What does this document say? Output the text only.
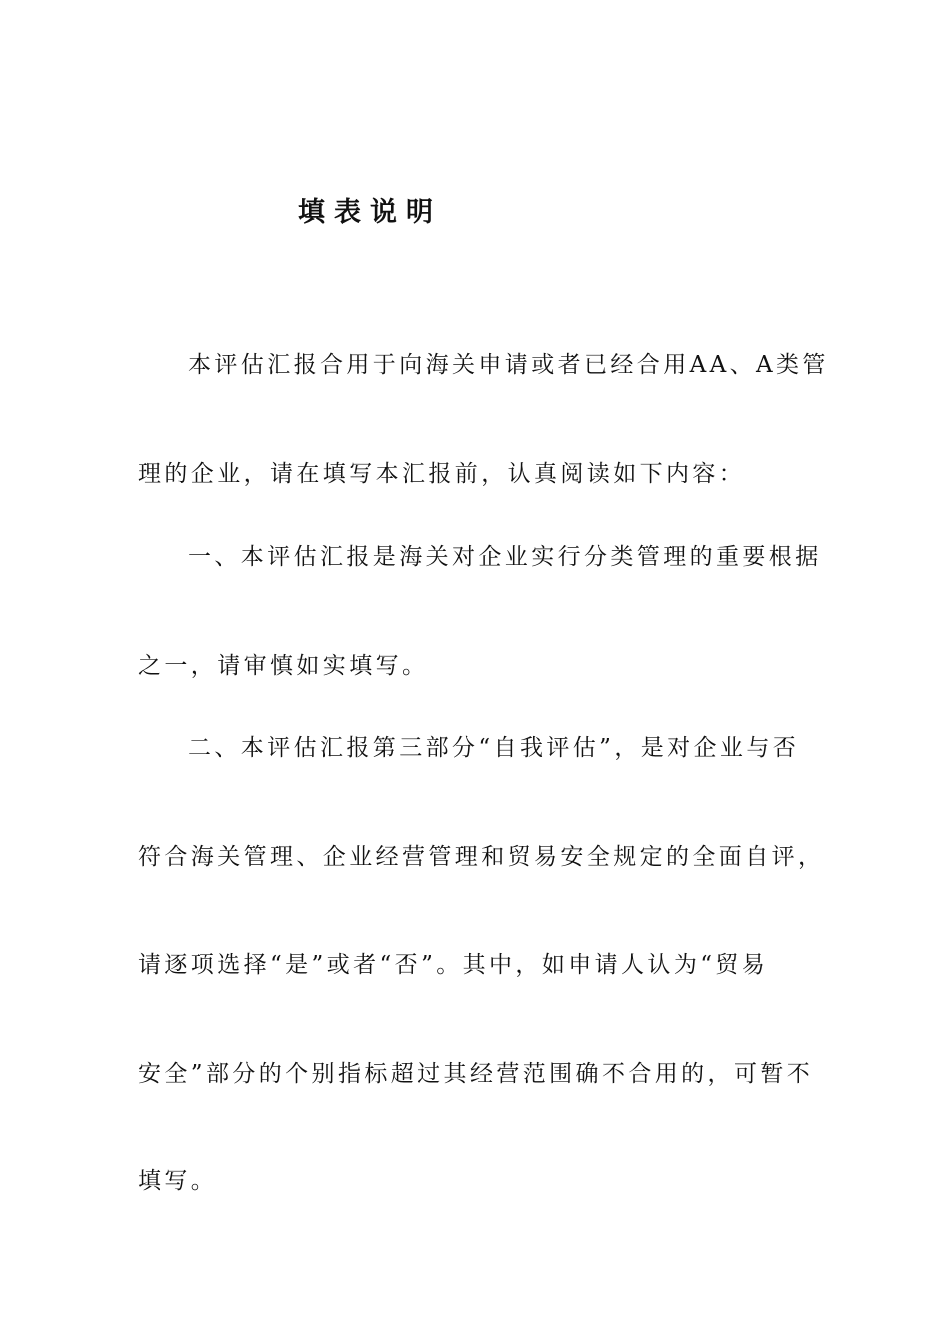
填表说明
本评估汇报合用于向海关申请或者已经合用AA、A类管
理的企业，请在填写本汇报前，认真阅读如下内容：
一、本评估汇报是海关对企业实行分类管理的重要根据
之一，请审慎如实填写。
二、本评估汇报第三部分“自我评估”，是对企业与否
符合海关管理、企业经营管理和贸易安全规定的全面自评，
请逐项选择“是”或者“否”。其中，如申请人认为“贸易
安全”部分的个别指标超过其经营范围确不合用的，可暂不
填写。
